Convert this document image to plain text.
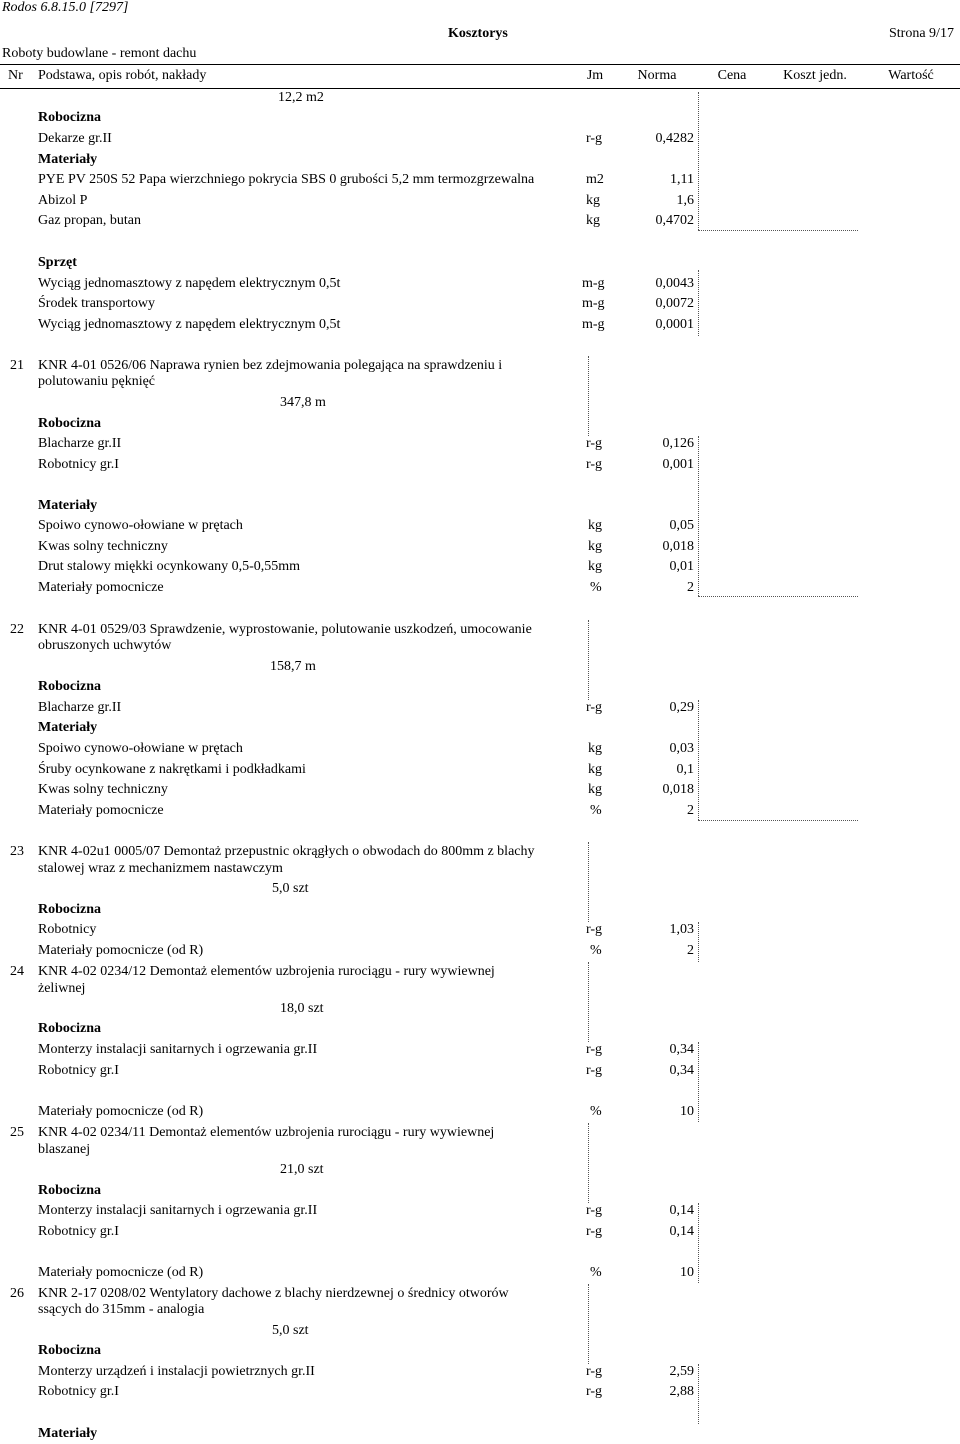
Rodos 6.8.15.0 [7297]
Kosztorys	Strona 9/17
Roboty budowlane - remont dachu
Nr Podstawa, opis robót, nakłady	Jm	Norma	Cena	Koszt jedn.	Wartość
12,2 m2
Robocizna
Dekarze gr.II	r-g	0,4282
Materiały
PYE PV 250S 52 Papa wierzchniego pokrycia SBS 0 grubości 5,2 mm termozgrzewalna	m2	1,11
Abizol P	kg	1,6
Gaz propan, butan	kg	0,4702
Sprzęt
Wyciąg jednomasztowy z napędem elektrycznym 0,5t	m-g	0,0043
Środek transportowy	m-g	0,0072
Wyciąg jednomasztowy z napędem elektrycznym 0,5t	m-g	0,0001
21 KNR 4-01 0526/06 Naprawa rynien bez zdejmowania polegająca na sprawdzeniu i
polutowaniu pęknięć
347,8 m
Robocizna
Blacharze gr.II	r-g	0,126
Robotnicy gr.I	r-g	0,001
Materiały
Spoiwo cynowo-ołowiane w prętach	kg	0,05
Kwas solny techniczny	kg	0,018
Drut stalowy miękki ocynkowany 0,5-0,55mm	kg	0,01
Materiały pomocnicze	%	2
22 KNR 4-01 0529/03 Sprawdzenie, wyprostowanie, polutowanie uszkodzeń, umocowanie
obruszonych uchwytów
158,7 m
Robocizna
Blacharze gr.II	r-g	0,29
Materiały
Spoiwo cynowo-ołowiane w prętach	kg	0,03
Śruby ocynkowane z nakrętkami i podkładkami	kg	0,1
Kwas solny techniczny	kg	0,018
Materiały pomocnicze	%	2
23 KNR 4-02u1 0005/07 Demontaż przepustnic okrągłych o obwodach do 800mm z blachy
stalowej wraz z mechanizmem nastawczym
5,0 szt
Robocizna
Robotnicy	r-g	1,03
Materiały pomocnicze (od R)	%	2
24 KNR 4-02 0234/12 Demontaż elementów uzbrojenia rurociągu - rury wywiewnej
żeliwnej
18,0 szt
Robocizna
Monterzy instalacji sanitarnych i ogrzewania gr.II	r-g	0,34
Robotnicy gr.I	r-g	0,34
Materiały pomocnicze (od R)	%	10
25 KNR 4-02 0234/11 Demontaż elementów uzbrojenia rurociągu - rury wywiewnej
blaszanej
21,0 szt
Robocizna
Monterzy instalacji sanitarnych i ogrzewania gr.II	r-g	0,14
Robotnicy gr.I	r-g	0,14
Materiały pomocnicze (od R)	%	10
26 KNR 2-17 0208/02 Wentylatory dachowe z blachy nierdzewnej o średnicy otworów
ssących do 315mm - analogia
5,0 szt
Robocizna
Monterzy urządzeń i instalacji powietrznych gr.II	r-g	2,59
Robotnicy gr.I	r-g	2,88
Materiały
